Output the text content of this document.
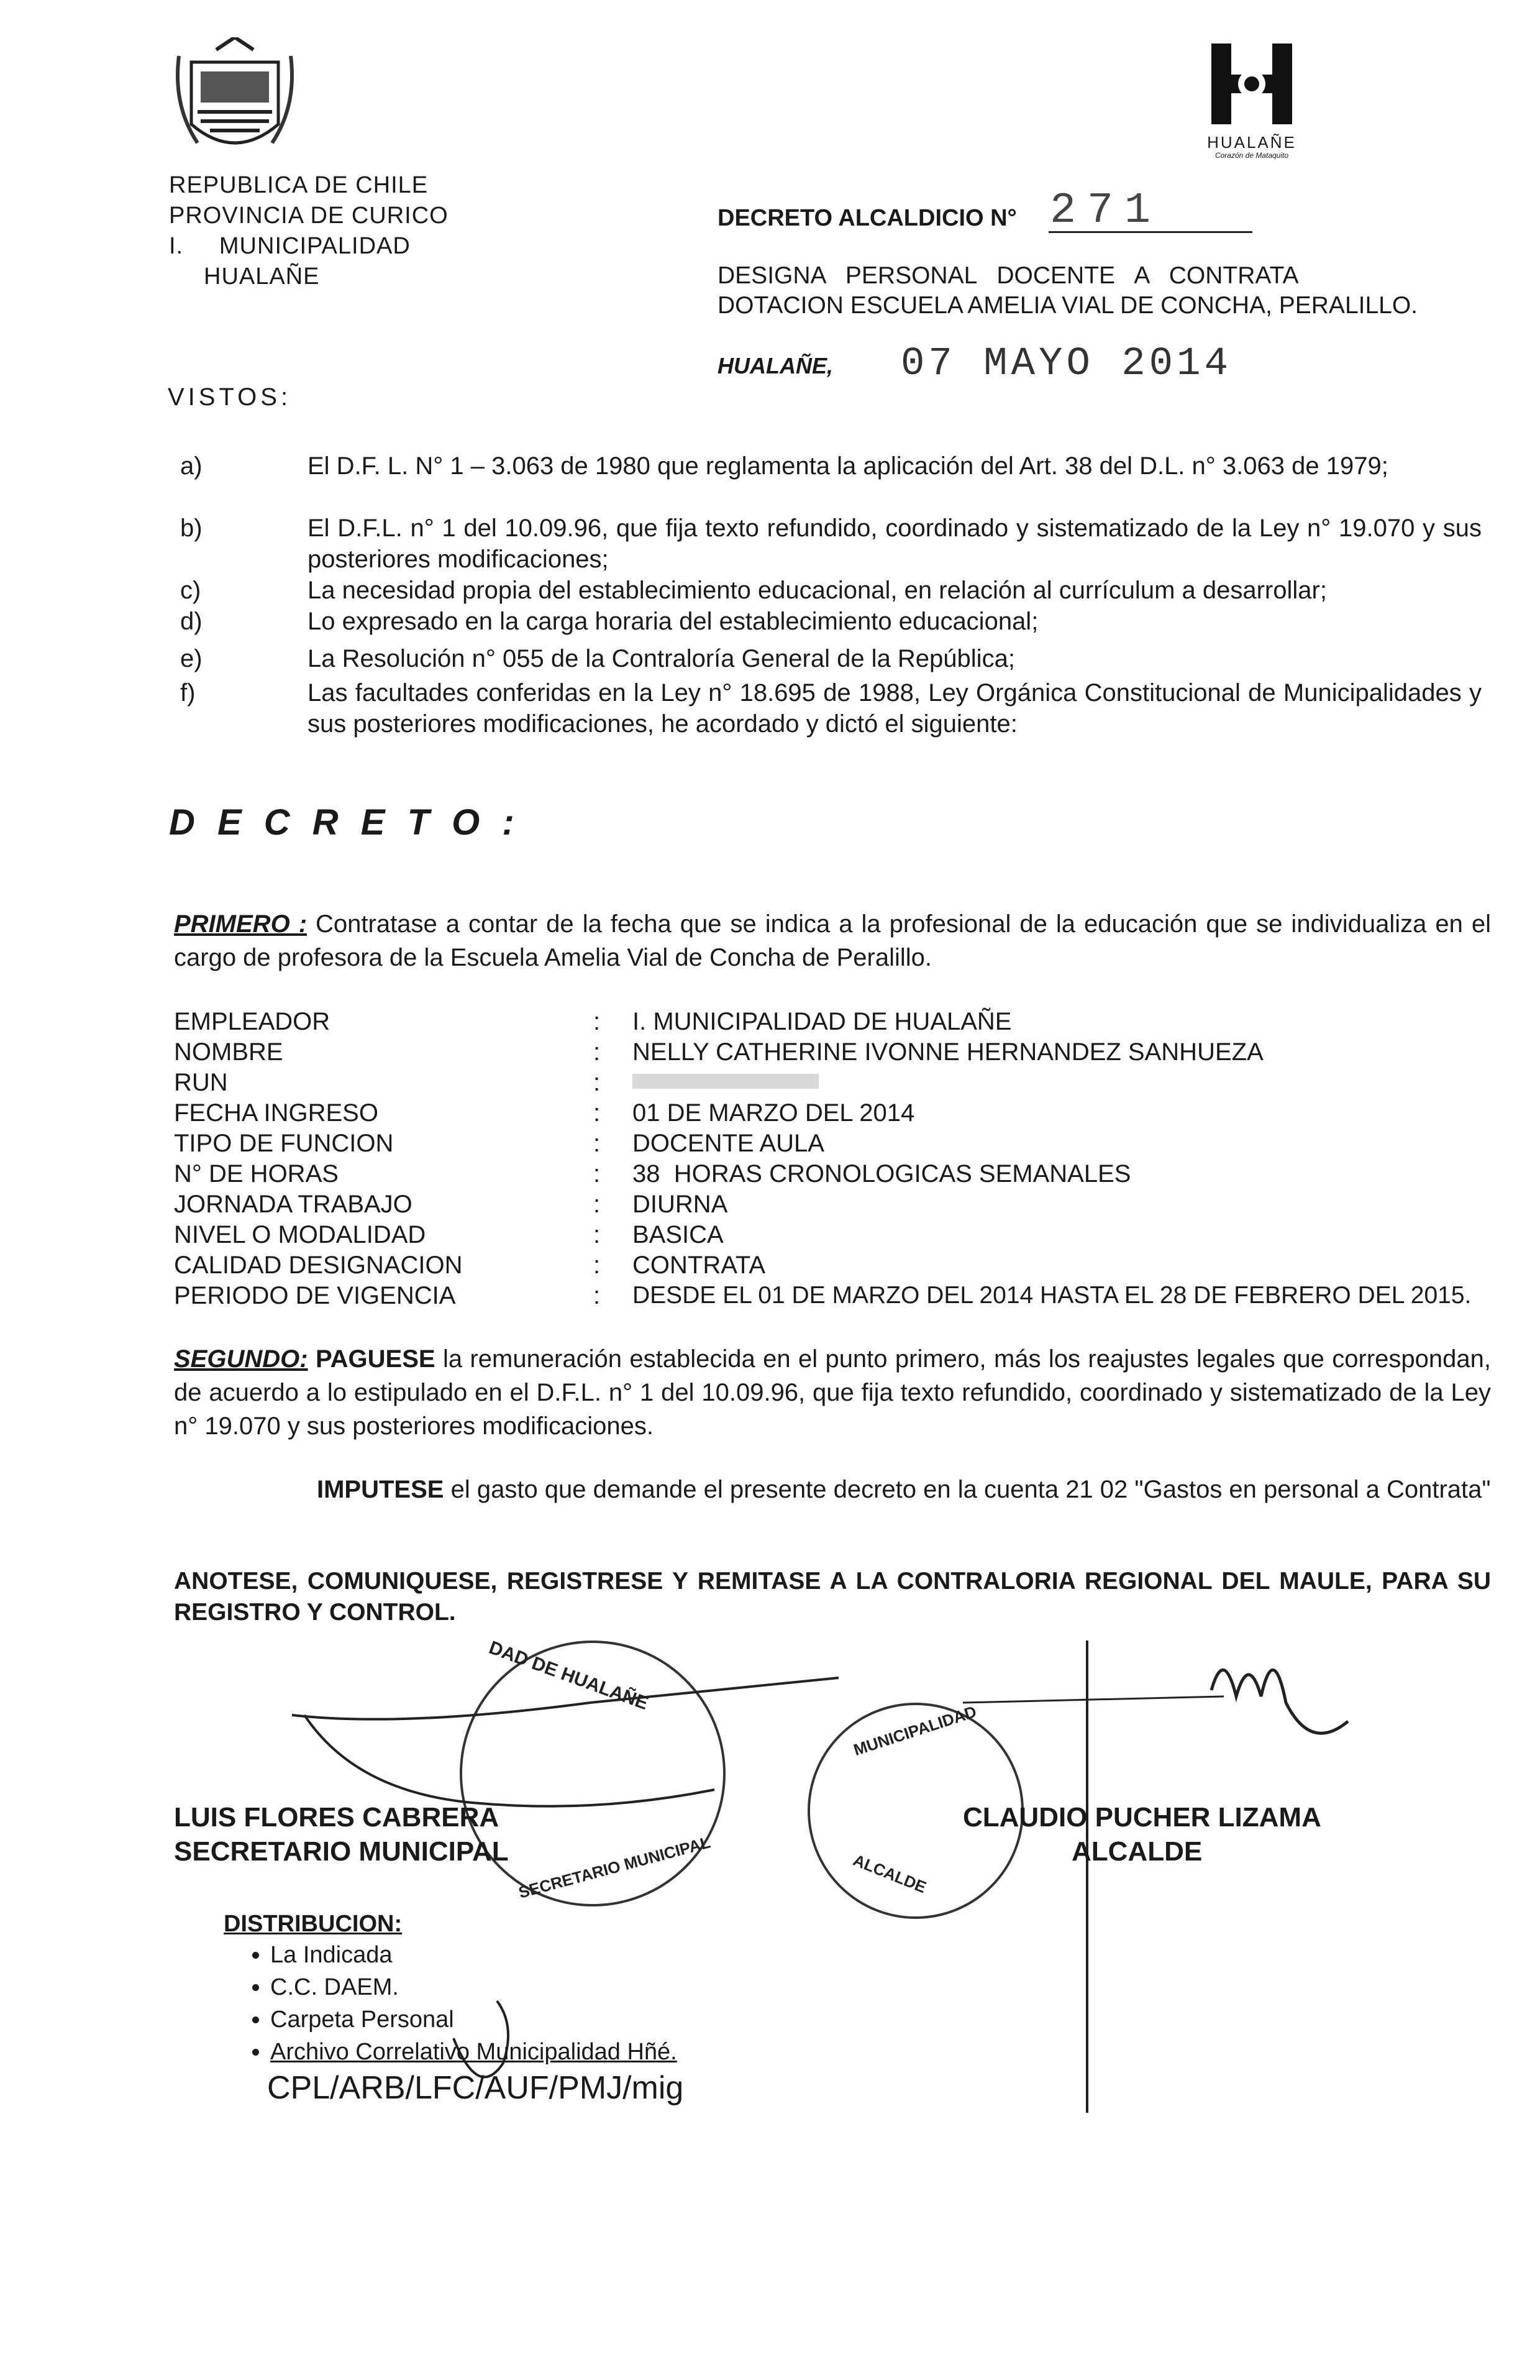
HUALAÑE
Corazón de Mataquito
REPUBLICA DE CHILE
PROVINCIA DE CURICO
I.     MUNICIPALIDAD
HUALAÑE
DECRETO ALCALDICIO N° 271
DESIGNA   PERSONAL   DOCENTE   A   CONTRATA
DOTACION ESCUELA AMELIA VIAL DE CONCHA, PERALILLO.
HUALAÑE, 07 MAYO 2014
VISTOS:
a)	El D.F. L. N° 1 – 3.063 de 1980 que reglamenta la aplicación del Art. 38 del D.L. n° 3.063 de 1979;
b)	El D.F.L. n° 1 del 10.09.96, que fija texto refundido, coordinado y sistematizado de la Ley n° 19.070 y sus posteriores modificaciones;
c)	La necesidad propia del establecimiento educacional, en relación al currículum a desarrollar;
d)	Lo expresado en la carga horaria del establecimiento educacional;
e)	La Resolución n° 055 de la Contraloría General de la República;
f)	Las facultades conferidas en la Ley n° 18.695 de 1988, Ley Orgánica Constitucional de Municipalidades y sus posteriores modificaciones, he acordado y dictó el siguiente:
D E C R E T O :
PRIMERO : Contratase a contar de la fecha que se indica a la profesional de la educación que se individualiza en el cargo de profesora de la Escuela Amelia Vial de Concha de Peralillo.
EMPLEADOR	: I. MUNICIPALIDAD DE HUALAÑE
NOMBRE	: NELLY CATHERINE IVONNE HERNANDEZ SANHUEZA
RUN	:
FECHA INGRESO	: 01 DE MARZO DEL 2014
TIPO DE FUNCION	: DOCENTE AULA
N° DE HORAS	: 38  HORAS CRONOLOGICAS SEMANALES
JORNADA TRABAJO	: DIURNA
NIVEL O MODALIDAD	: BASICA
CALIDAD DESIGNACION	: CONTRATA
PERIODO DE VIGENCIA	: DESDE EL 01 DE MARZO DEL 2014 HASTA EL 28 DE FEBRERO DEL 2015.
SEGUNDO: PAGUESE la remuneración establecida en el punto primero, más los reajustes legales que correspondan, de acuerdo a lo estipulado en el D.F.L. n° 1 del 10.09.96, que fija texto refundido, coordinado y sistematizado de la Ley n° 19.070 y sus posteriores modificaciones.
IMPUTESE el gasto que demande el presente decreto en la cuenta 21 02 "Gastos en personal a Contrata"
ANOTESE, COMUNIQUESE, REGISTRESE Y REMITASE A LA CONTRALORIA REGIONAL DEL MAULE, PARA SU REGISTRO Y CONTROL.
DAD DE HUALAÑE
SECRETARIO MUNICIPAL
MUNICIPALIDAD
ALCALDE
LUIS FLORES CABRERA
SECRETARIO MUNICIPAL
CLAUDIO PUCHER LIZAMA
ALCALDE
DISTRIBUCION:
• La Indicada
• C.C. DAEM.
• Carpeta Personal
• Archivo Correlativo Municipalidad Hñé.
CPL/ARB/LFC/AUF/PMJ/mig
